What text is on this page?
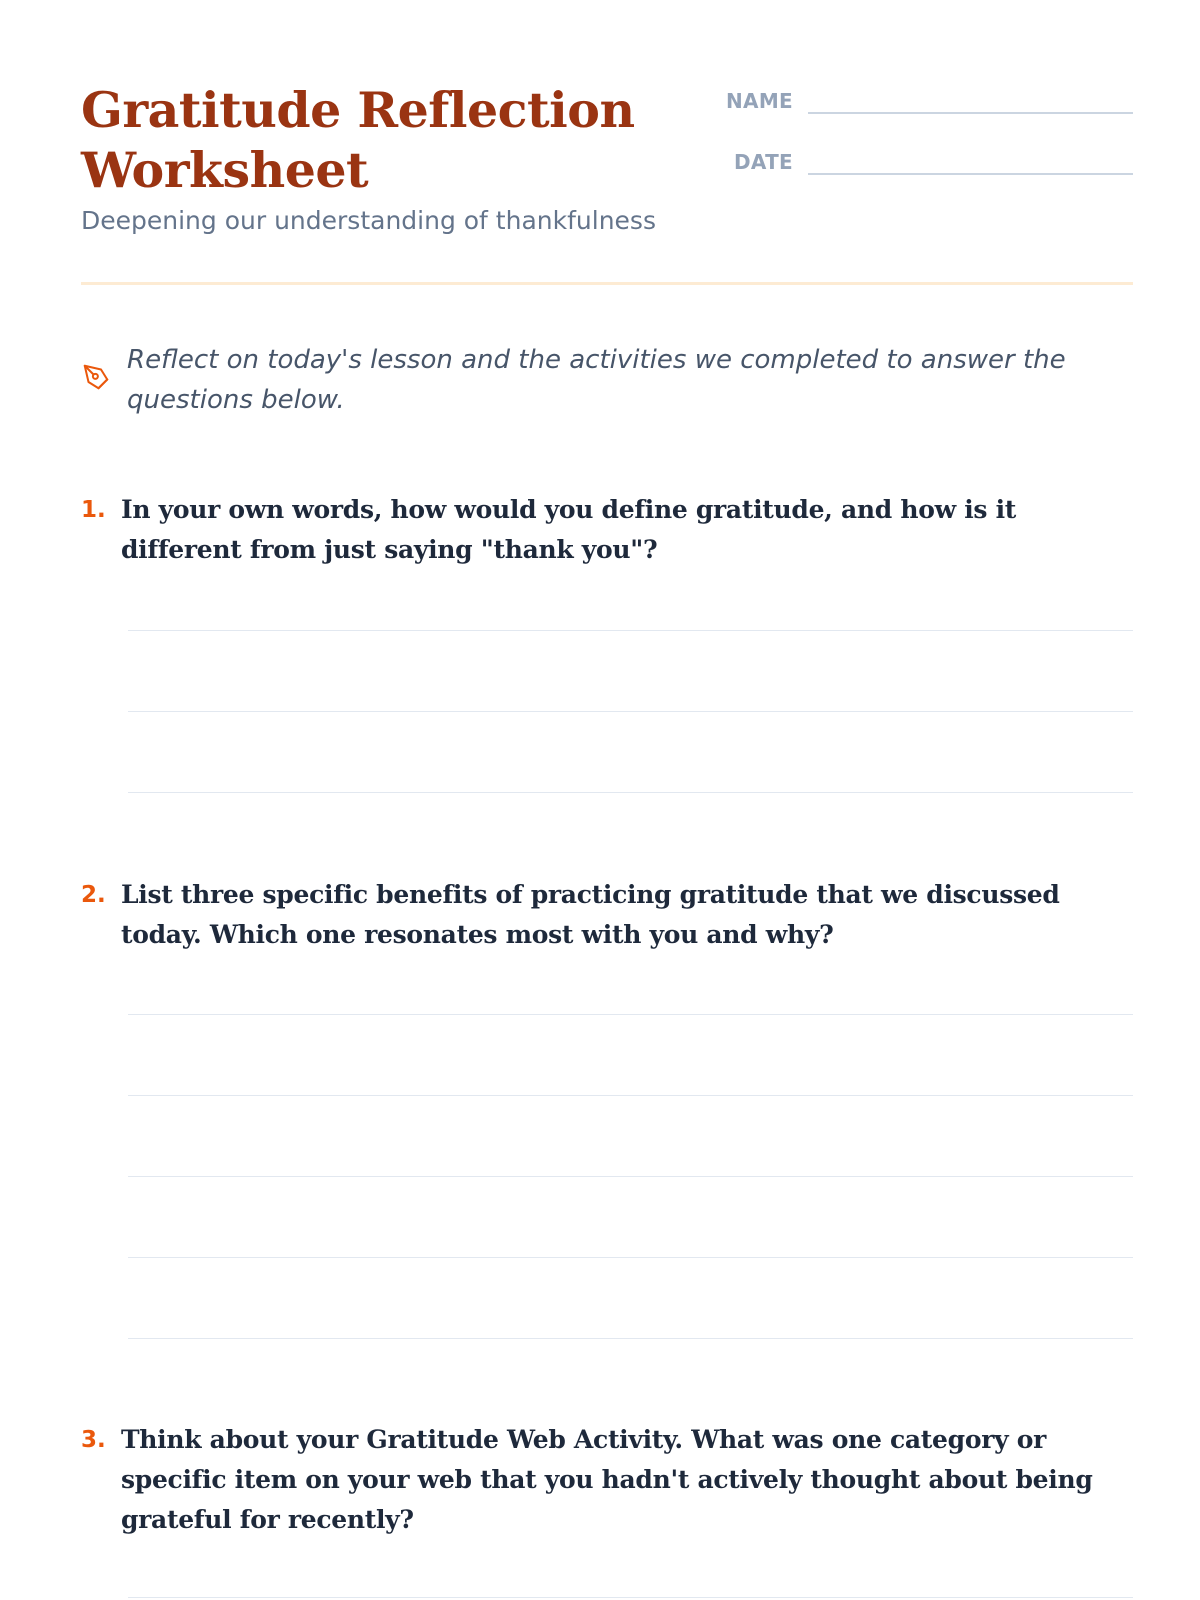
Gratitude Reflection Worksheet
Deepening our understanding of thankfulness
NAME
DATE
Reflect on today's lesson and the activities we completed to answer the questions below.
1. In your own words, how would you define gratitude, and how is it different from just saying "thank you"?
2. List three specific benefits of practicing gratitude that we discussed today. Which one resonates most with you and why?
3. Think about your Gratitude Web Activity. What was one category or specific item on your web that you hadn't actively thought about being grateful for recently?
